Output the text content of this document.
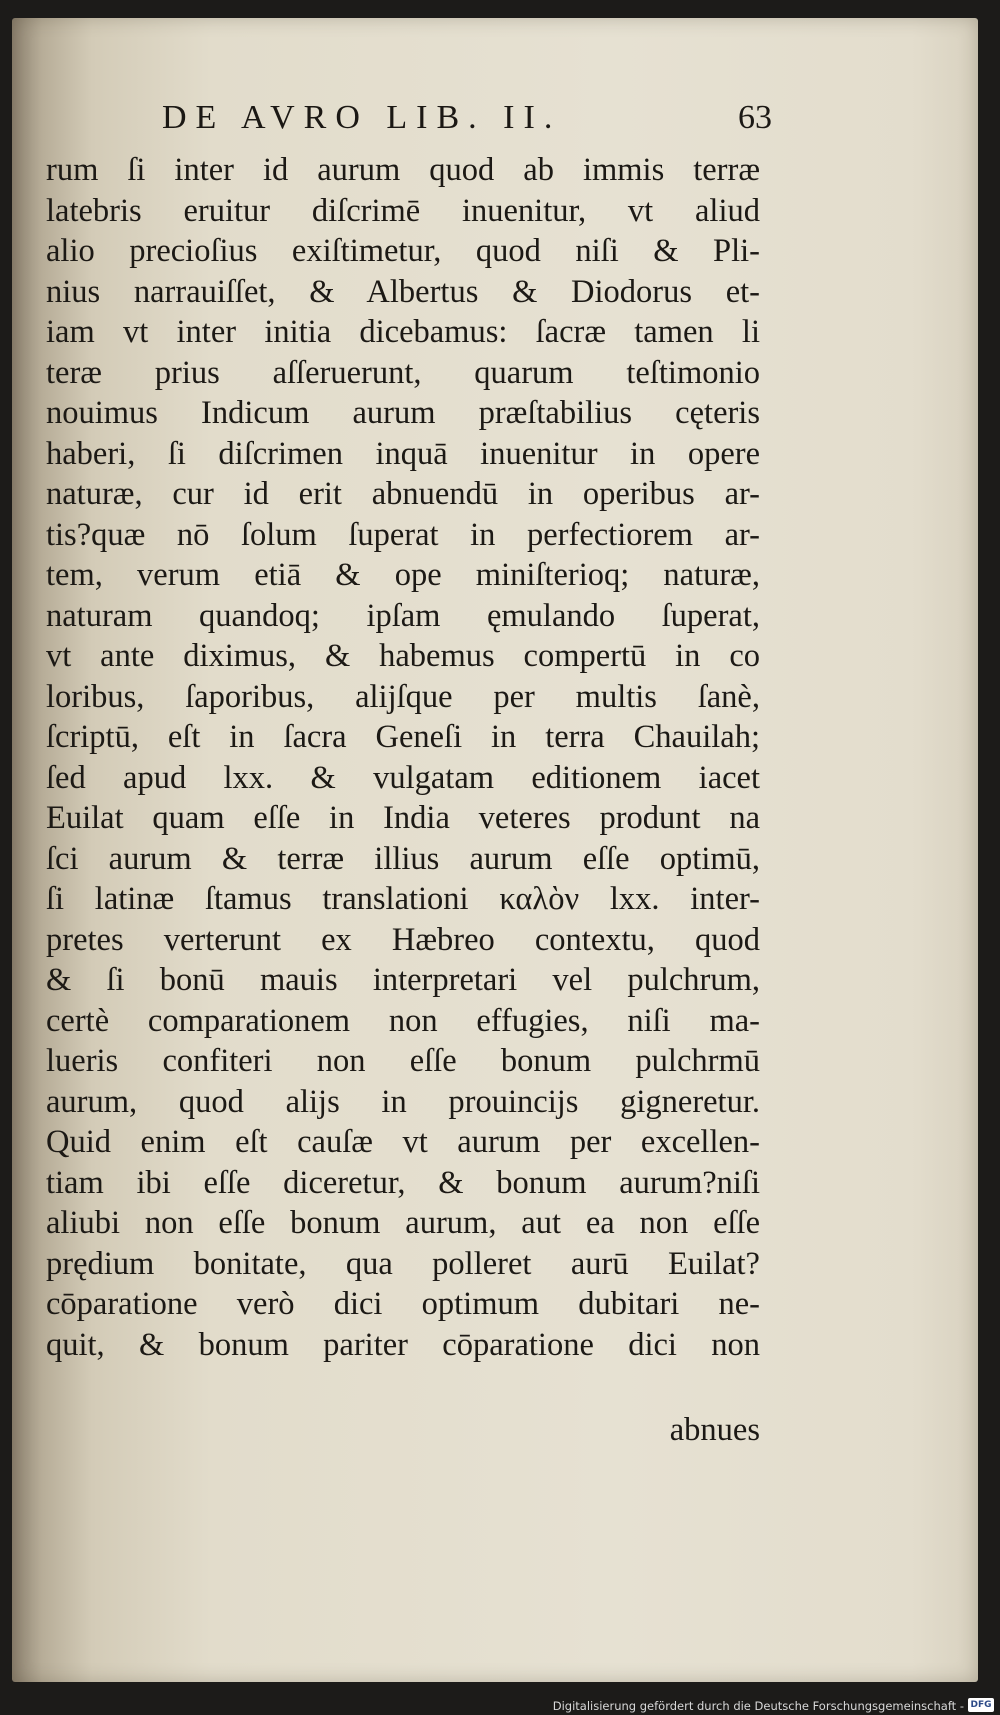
DE AVRO LIB. II.	63
rum ſi inter id aurum quod ab immis terræ
latebris eruitur diſcrimē inuenitur, vt aliud
alio precioſius exiſtimetur, quod niſi & Pli-
nius narrauiſſet, & Albertus & Diodorus et-
iam vt inter initia dicebamus: ſacræ tamen li
teræ prius aſſeruerunt, quarum teſtimonio
nouimus Indicum aurum præſtabilius cęteris
haberi, ſi diſcrimen inquā inuenitur in opere
naturæ, cur id erit abnuendū in operibus ar-
tis?quæ nō ſolum ſuperat in perfectiorem ar-
tem, verum etiā & ope miniſterioq; naturæ,
naturam quandoq; ipſam ęmulando ſuperat,
vt ante diximus, & habemus compertū in co
loribus, ſaporibus, alijſque per multis ſanè,
ſcriptū, eſt in ſacra Geneſi in terra Chauilah;
ſed apud lxx. & vulgatam editionem iacet
Euilat quam eſſe in India veteres produnt na
ſci aurum & terræ illius aurum eſſe optimū,
ſi latinæ ſtamus translationi καλὸν lxx. inter-
pretes verterunt ex Hæbreo contextu, quod
& ſi bonū mauis interpretari vel pulchrum,
certè comparationem non effugies, niſi ma-
lueris confiteri non eſſe bonum pulchrmū
aurum, quod alijs in prouincijs gigneretur.
Quid enim eſt cauſæ vt aurum per excellen-
tiam ibi eſſe diceretur, & bonum aurum?niſi
aliubi non eſſe bonum aurum, aut ea non eſſe
prędium bonitate, qua polleret aurū Euilat?
cōparatione verò dici optimum dubitari ne-
quit, & bonum pariter cōparatione dici non
abnues
Digitalisierung gefördert durch die Deutsche Forschungsgemeinschaft - DFG
